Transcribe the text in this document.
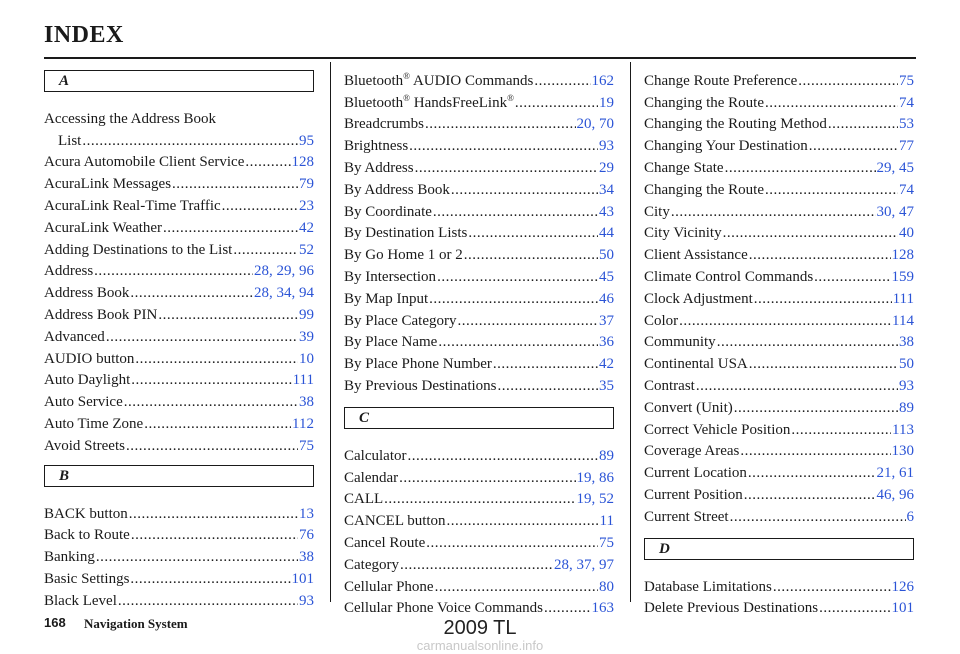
INDEX
A
Accessing the Address Book
List .....	95
Acura Automobile Client Service .....	128
AcuraLink Messages .....	79
AcuraLink Real-Time Traffic .....	23
AcuraLink Weather .....	42
Adding Destinations to the List .....	52
Address .....	28, 29, 96
Address Book .....	28, 34, 94
Address Book PIN .....	99
Advanced .....	39
AUDIO button .....	10
Auto Daylight .....	111
Auto Service .....	38
Auto Time Zone .....	112
Avoid Streets .....	75
B
BACK button .....	13
Back to Route .....	76
Banking .....	38
Basic Settings .....	101
Black Level .....	93
Bluetooth® AUDIO Commands .....	162
Bluetooth® HandsFreeLink® .....	19
Breadcrumbs .....	20, 70
Brightness .....	93
By Address .....	29
By Address Book .....	34
By Coordinate .....	43
By Destination Lists .....	44
By Go Home 1 or 2 .....	50
By Intersection .....	45
By Map Input .....	46
By Place Category .....	37
By Place Name .....	36
By Place Phone Number .....	42
By Previous Destinations .....	35
C
Calculator .....	89
Calendar .....	19, 86
CALL .....	19, 52
CANCEL button .....	11
Cancel Route .....	75
Category .....	28, 37, 97
Cellular Phone .....	80
Cellular Phone Voice Commands .....	163
Change Route Preference .....	75
Changing the Route .....	74
Changing the Routing Method .....	53
Changing Your Destination .....	77
Change State .....	29, 45
Changing the Route .....	74
City .....	30, 47
City Vicinity .....	40
Client Assistance .....	128
Climate Control Commands .....	159
Clock Adjustment .....	111
Color .....	114
Community .....	38
Continental USA .....	50
Contrast .....	93
Convert (Unit) .....	89
Correct Vehicle Position .....	113
Coverage Areas .....	130
Current Location .....	21, 61
Current Position .....	46, 96
Current Street .....	6
D
Database Limitations .....	126
Delete Previous Destinations .....	101
168 Navigation System	2009 TL
carmanualsonline.info
